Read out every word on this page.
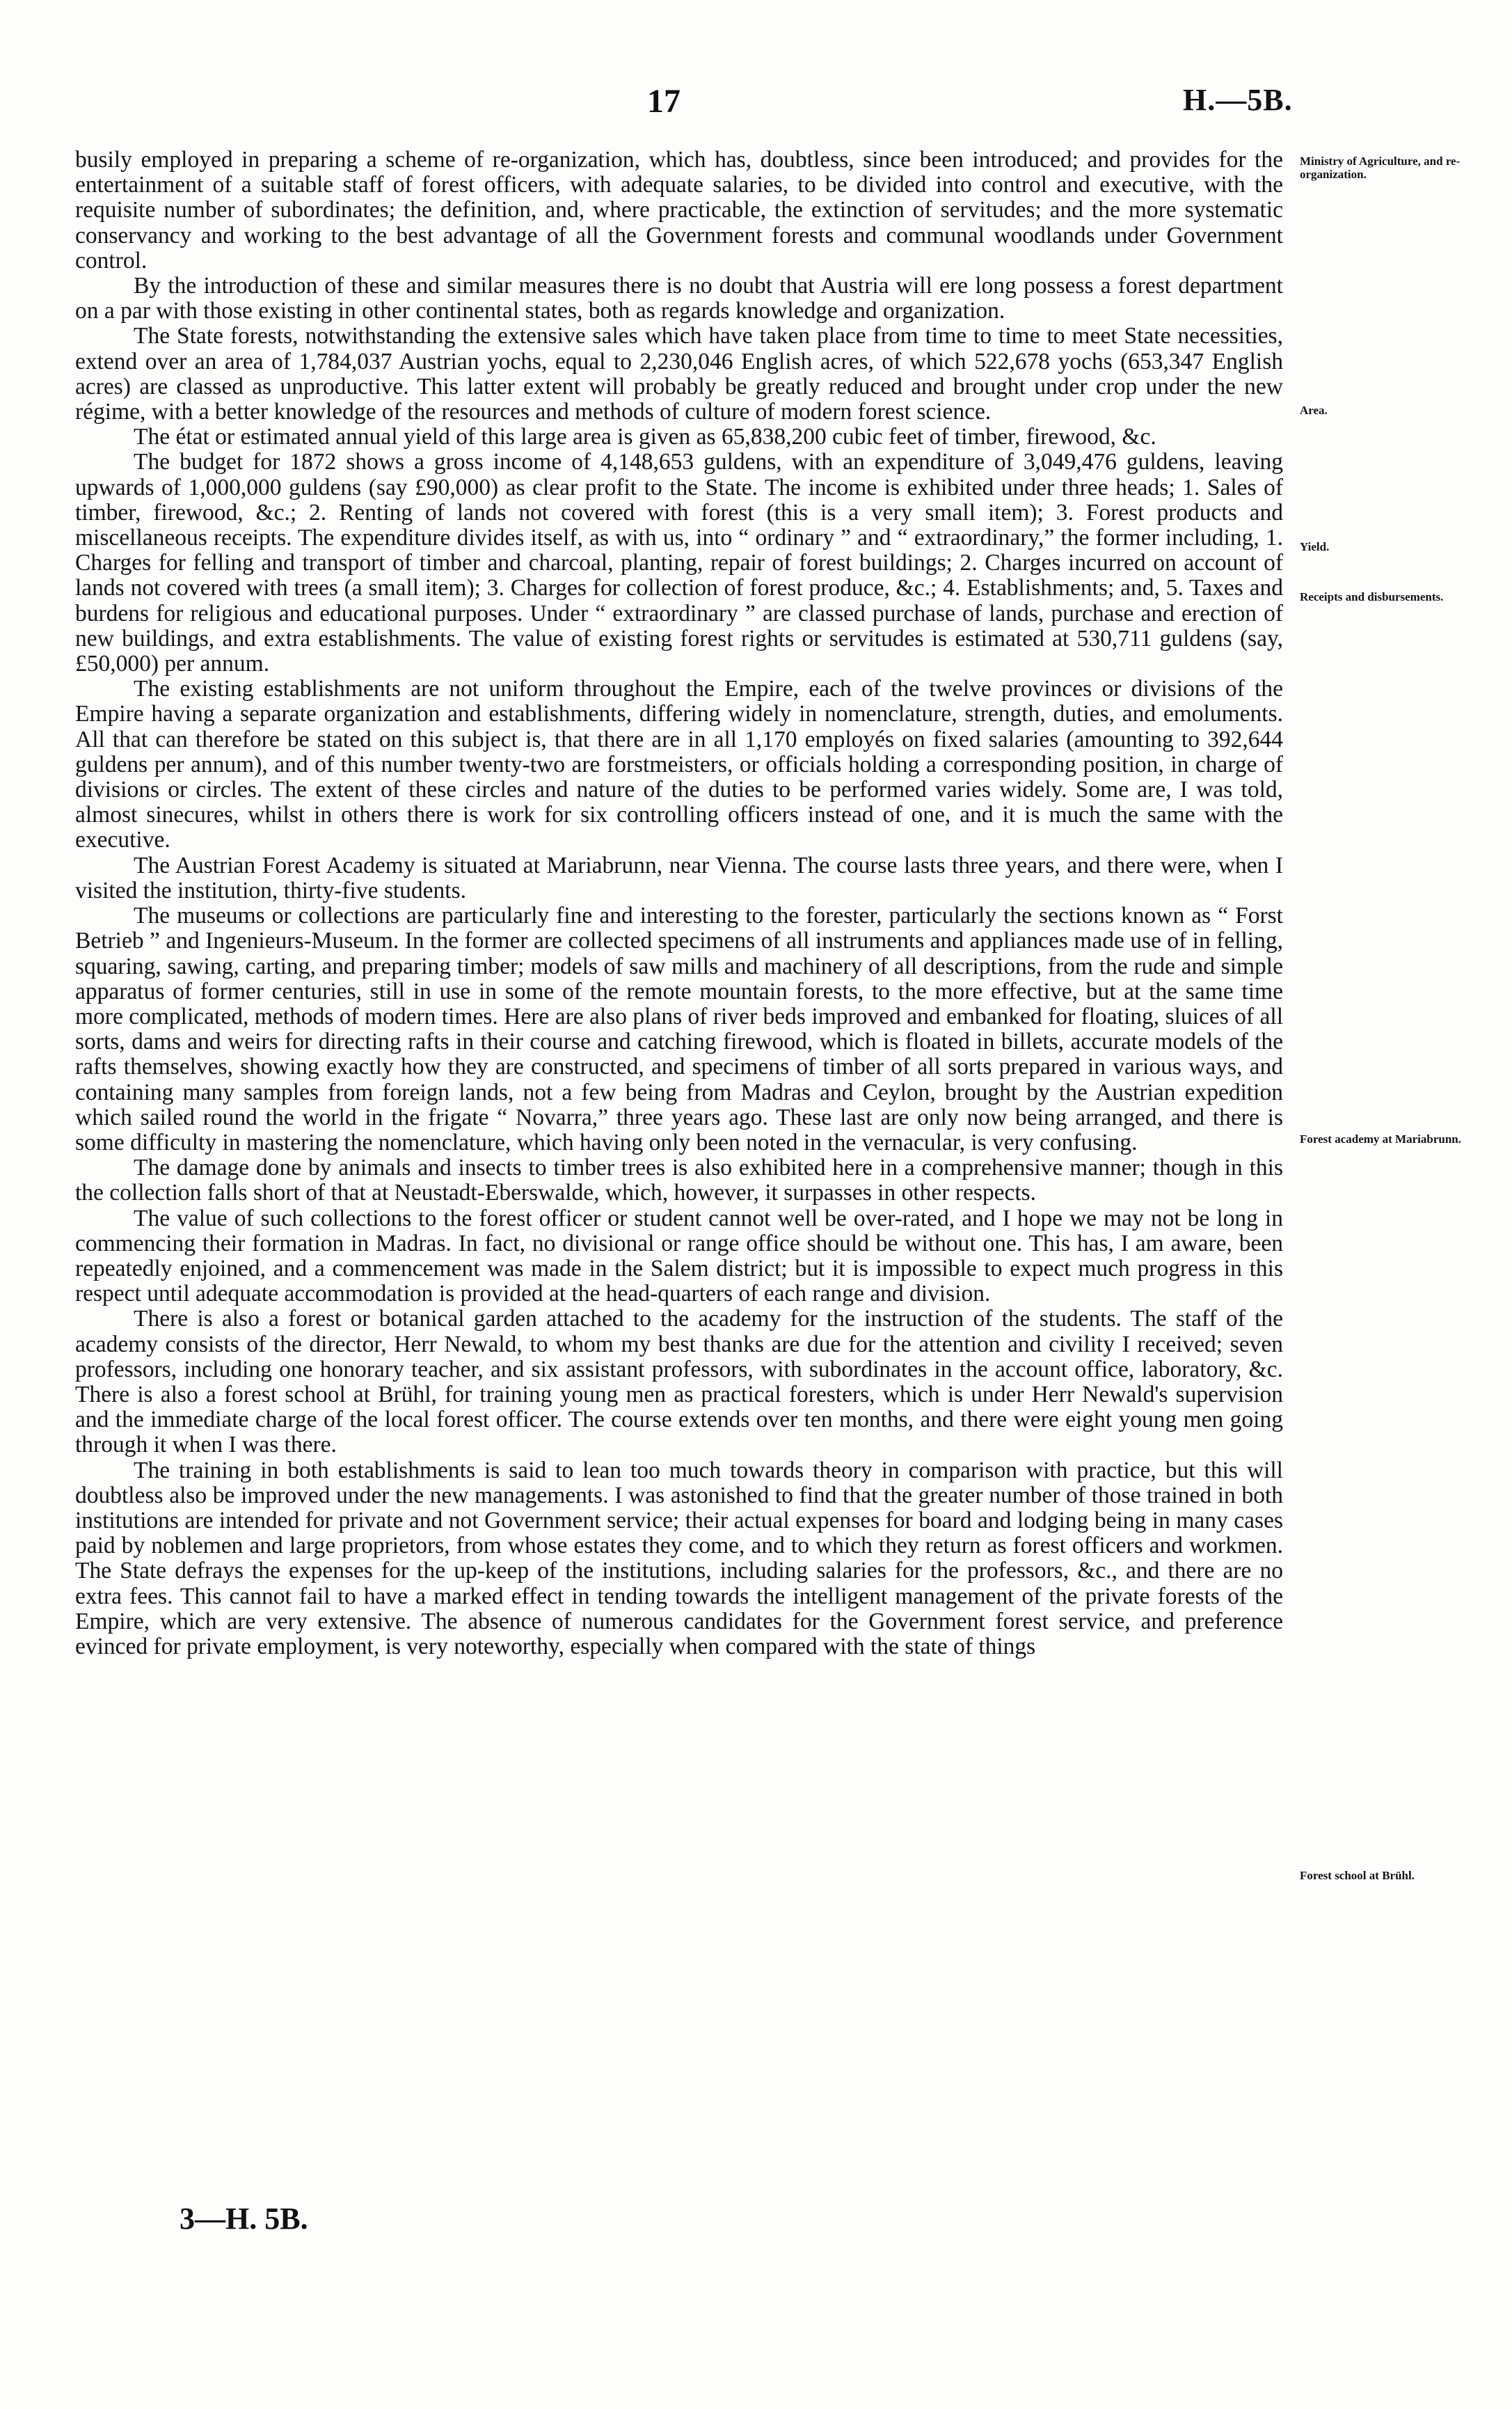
17	H.—5B.

busily employed in preparing a scheme of re-organization, which has, doubtless, since been introduced; and provides for the entertainment of a suitable staff of forest officers, with adequate salaries, to be divided into control and executive, with the requisite number of subordinates; the definition, and, where practicable, the extinction of servitudes; and the more systematic conservancy and working to the best advantage of all the Government forests and communal woodlands under Government control.

By the introduction of these and similar measures there is no doubt that Austria will ere long possess a forest department on a par with those existing in other continental states, both as regards knowledge and organization.

The State forests, notwithstanding the extensive sales which have taken place from time to time to meet State necessities, extend over an area of 1,784,037 Austrian yochs, equal to 2,230,046 English acres, of which 522,678 yochs (653,347 English acres) are classed as unproductive. This latter extent will probably be greatly reduced and brought under crop under the new régime, with a better knowledge of the resources and methods of culture of modern forest science.

The état or estimated annual yield of this large area is given as 65,838,200 cubic feet of timber, firewood, &c.

The budget for 1872 shows a gross income of 4,148,653 guldens, with an expenditure of 3,049,476 guldens, leaving upwards of 1,000,000 guldens (say £90,000) as clear profit to the State. The income is exhibited under three heads; 1. Sales of timber, firewood, &c.; 2. Renting of lands not covered with forest (this is a very small item); 3. Forest products and miscellaneous receipts. The expenditure divides itself, as with us, into “ ordinary ” and “ extraordinary,” the former including, 1. Charges for felling and transport of timber and charcoal, planting, repair of forest buildings; 2. Charges incurred on account of lands not covered with trees (a small item); 3. Charges for collection of forest produce, &c.; 4. Establishments; and, 5. Taxes and burdens for religious and educational purposes. Under “ extraordinary ” are classed purchase of lands, purchase and erection of new buildings, and extra establishments. The value of existing forest rights or servitudes is estimated at 530,711 guldens (say, £50,000) per annum.

The existing establishments are not uniform throughout the Empire, each of the twelve provinces or divisions of the Empire having a separate organization and establishments, differing widely in nomenclature, strength, duties, and emoluments. All that can therefore be stated on this subject is, that there are in all 1,170 employés on fixed salaries (amounting to 392,644 guldens per annum), and of this number twenty-two are forstmeisters, or officials holding a corresponding position, in charge of divisions or circles. The extent of these circles and nature of the duties to be performed varies widely. Some are, I was told, almost sinecures, whilst in others there is work for six controlling officers instead of one, and it is much the same with the executive.

The Austrian Forest Academy is situated at Mariabrunn, near Vienna. The course lasts three years, and there were, when I visited the institution, thirty-five students.

The museums or collections are particularly fine and interesting to the forester, particularly the sections known as “ Forst Betrieb ” and Ingenieurs-Museum. In the former are collected specimens of all instruments and appliances made use of in felling, squaring, sawing, carting, and preparing timber; models of saw mills and machinery of all descriptions, from the rude and simple apparatus of former centuries, still in use in some of the remote mountain forests, to the more effective, but at the same time more complicated, methods of modern times. Here are also plans of river beds improved and embanked for floating, sluices of all sorts, dams and weirs for directing rafts in their course and catching firewood, which is floated in billets, accurate models of the rafts themselves, showing exactly how they are constructed, and specimens of timber of all sorts prepared in various ways, and containing many samples from foreign lands, not a few being from Madras and Ceylon, brought by the Austrian expedition which sailed round the world in the frigate “ Novarra,” three years ago. These last are only now being arranged, and there is some difficulty in mastering the nomenclature, which having only been noted in the vernacular, is very confusing.

The damage done by animals and insects to timber trees is also exhibited here in a comprehensive manner; though in this the collection falls short of that at Neustadt-Eberswalde, which, however, it surpasses in other respects.

The value of such collections to the forest officer or student cannot well be over-rated, and I hope we may not be long in commencing their formation in Madras. In fact, no divisional or range office should be without one. This has, I am aware, been repeatedly enjoined, and a commencement was made in the Salem district; but it is impossible to expect much progress in this respect until adequate accommodation is provided at the head-quarters of each range and division.

There is also a forest or botanical garden attached to the academy for the instruction of the students. The staff of the academy consists of the director, Herr Newald, to whom my best thanks are due for the attention and civility I received; seven professors, including one honorary teacher, and six assistant professors, with subordinates in the account office, laboratory, &c. There is also a forest school at Brühl, for training young men as practical foresters, which is under Herr Newald's supervision and the immediate charge of the local forest officer. The course extends over ten months, and there were eight young men going through it when I was there.

The training in both establishments is said to lean too much towards theory in comparison with practice, but this will doubtless also be improved under the new managements. I was astonished to find that the greater number of those trained in both institutions are intended for private and not Government service; their actual expenses for board and lodging being in many cases paid by noblemen and large proprietors, from whose estates they come, and to which they return as forest officers and workmen. The State defrays the expenses for the up-keep of the institutions, including salaries for the professors, &c., and there are no extra fees. This cannot fail to have a marked effect in tending towards the intelligent management of the private forests of the Empire, which are very extensive. The absence of numerous candidates for the Government forest service, and preference evinced for private employment, is very noteworthy, especially when compared with the state of things

Ministry of Agriculture, and re-organization.
Area.
Yield.
Receipts and disbursements.
Forest academy at Mariabrunn.
Forest school at Brühl.
3—H. 5B.
